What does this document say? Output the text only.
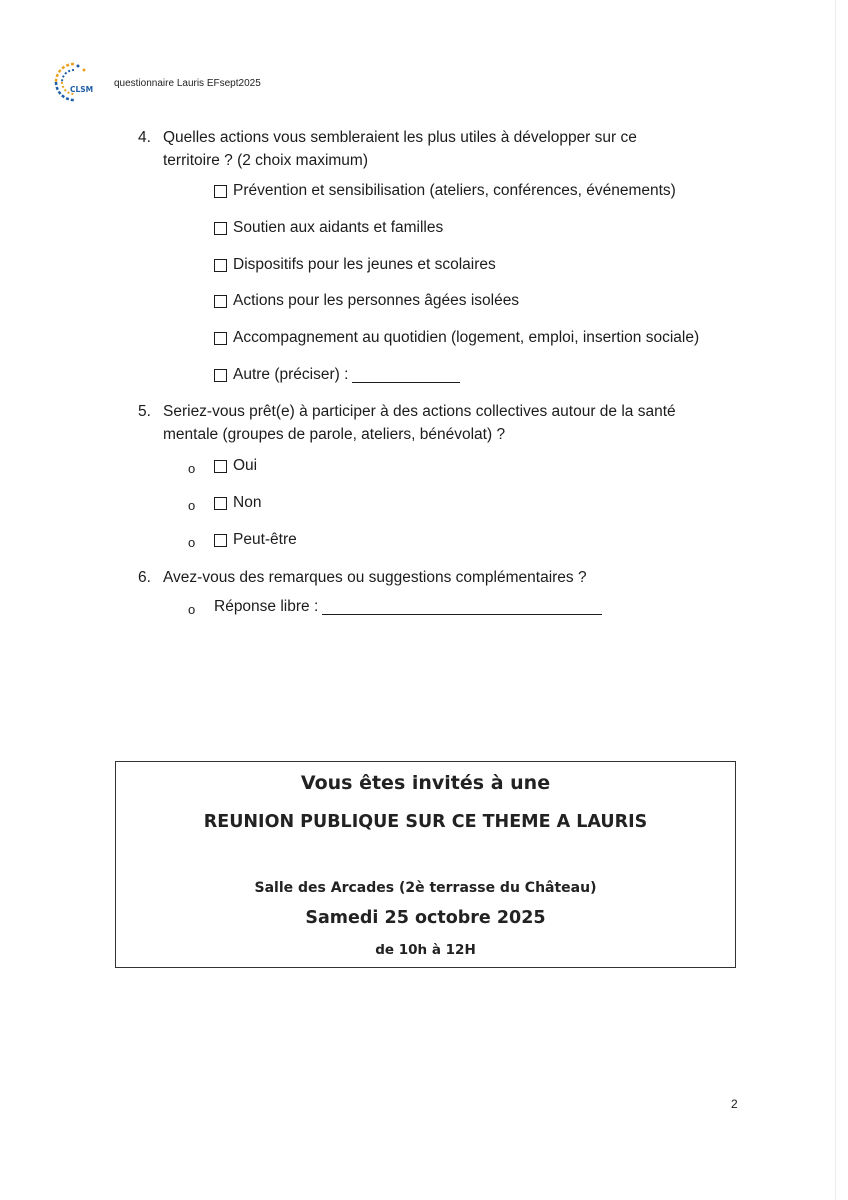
CLSM
questionnaire Lauris EFsept2025
4. Quelles actions vous sembleraient les plus utiles à développer sur ce
territoire ? (2 choix maximum)
Prévention et sensibilisation (ateliers, conférences, événements)
Soutien aux aidants et familles
Dispositifs pour les jeunes et scolaires
Actions pour les personnes âgées isolées
Accompagnement au quotidien (logement, emploi, insertion sociale)
Autre (préciser) :
5. Seriez-vous prêt(e) à participer à des actions collectives autour de la santé
mentale (groupes de parole, ateliers, bénévolat) ?
o Oui
o Non
o Peut-être
6. Avez-vous des remarques ou suggestions complémentaires ?
o Réponse libre :
Vous êtes invités à une
REUNION PUBLIQUE SUR CE THEME A LAURIS
Salle des Arcades (2è terrasse du Château)
Samedi 25 octobre 2025
de 10h à 12H
2
